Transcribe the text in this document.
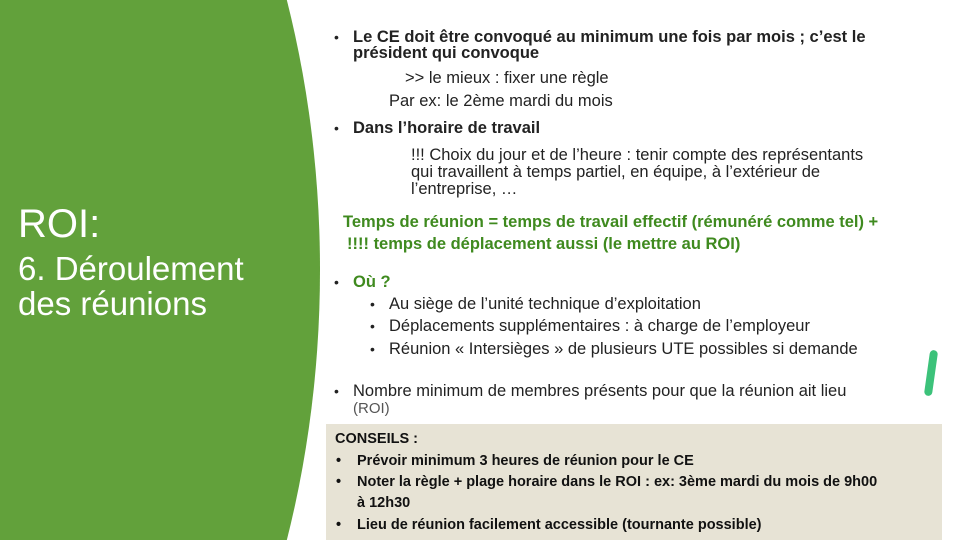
ROI:
6. Déroulement
des réunions
• Le CE doit être convoqué au minimum une fois par mois ; c’est le
président qui convoque
>> le mieux : fixer une règle
Par ex: le 2ème mardi du mois
• Dans l’horaire de travail
!!! Choix du jour et de l’heure : tenir compte des représentants
qui travaillent à temps partiel, en équipe, à l’extérieur de
l’entreprise, …
Temps de réunion = temps de travail effectif (rémunéré comme tel) +
!!!! temps de déplacement aussi (le mettre au ROI)
• Où ?
• Au siège de l’unité technique d’exploitation
• Déplacements supplémentaires : à charge de l’employeur
• Réunion « Intersièges » de plusieurs UTE possibles si demande
• Nombre minimum de membres présents pour que la réunion ait lieu
(ROI)
CONSEILS :
• Prévoir minimum 3 heures de réunion pour le CE
• Noter la règle + plage horaire dans le ROI : ex: 3ème mardi du mois de 9h00
à 12h30
• Lieu de réunion facilement accessible (tournante possible)
